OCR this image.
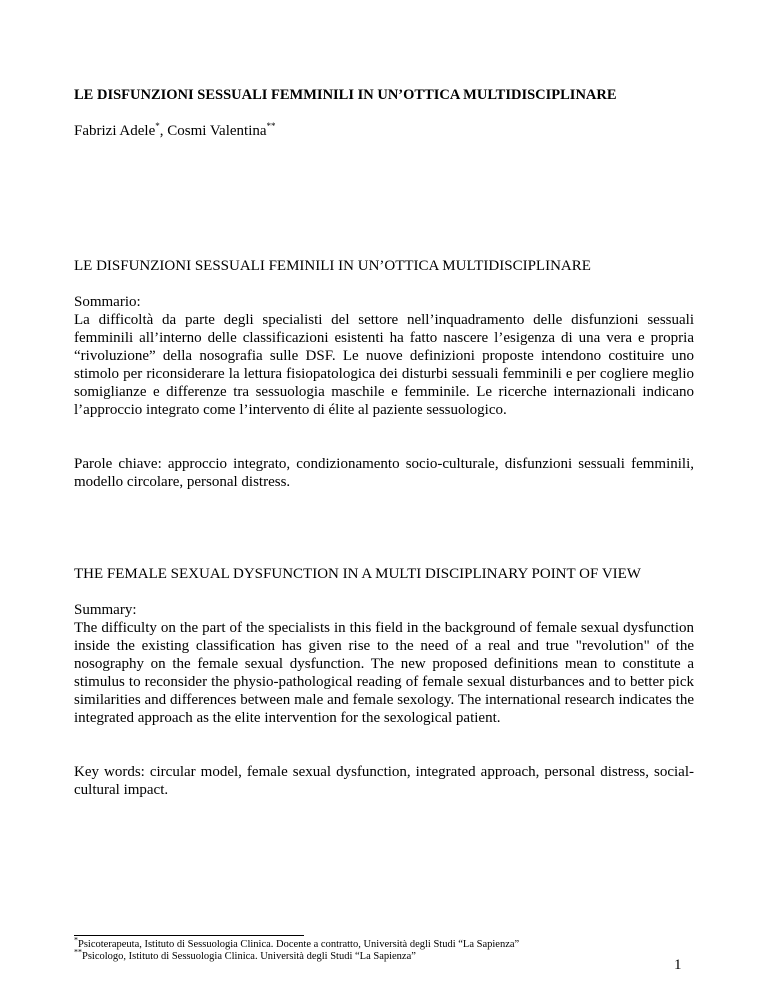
LE DISFUNZIONI SESSUALI FEMMINILI IN UN’OTTICA MULTIDISCIPLINARE
Fabrizi Adele*, Cosmi Valentina**
LE DISFUNZIONI SESSUALI FEMINILI IN UN’OTTICA MULTIDISCIPLINARE
Sommario:
La difficoltà da parte degli specialisti del settore nell’inquadramento delle disfunzioni sessuali femminili all’interno delle classificazioni esistenti ha fatto nascere l’esigenza di una vera e propria “rivoluzione” della nosografia sulle DSF. Le nuove definizioni proposte intendono costituire uno stimolo per riconsiderare la lettura fisiopatologica dei disturbi sessuali femminili e per cogliere meglio somiglianze e differenze tra sessuologia maschile e femminile. Le ricerche internazionali indicano l’approccio integrato come l’intervento di élite al paziente sessuologico.
Parole chiave: approccio integrato, condizionamento socio-culturale, disfunzioni sessuali femminili, modello circolare, personal distress.
THE FEMALE SEXUAL DYSFUNCTION IN A MULTI DISCIPLINARY POINT OF VIEW
Summary:
The difficulty on the part of the specialists in this field in the background of female sexual dysfunction inside the existing classification has given rise to the need of a real and true "revolution" of the nosography on the female sexual dysfunction. The new proposed definitions mean to constitute a stimulus to reconsider the physio-pathological reading of female sexual disturbances and to better pick similarities and differences between male and female sexology. The international research indicates the integrated approach as the elite intervention for the sexological patient.
Key words: circular model, female sexual dysfunction, integrated approach, personal distress, social-cultural impact.
*Psicoterapeuta, Istituto di Sessuologia Clinica. Docente a contratto, Università degli Studi “La Sapienza”
**Psicologo, Istituto di Sessuologia Clinica. Università degli Studi “La Sapienza”
1
